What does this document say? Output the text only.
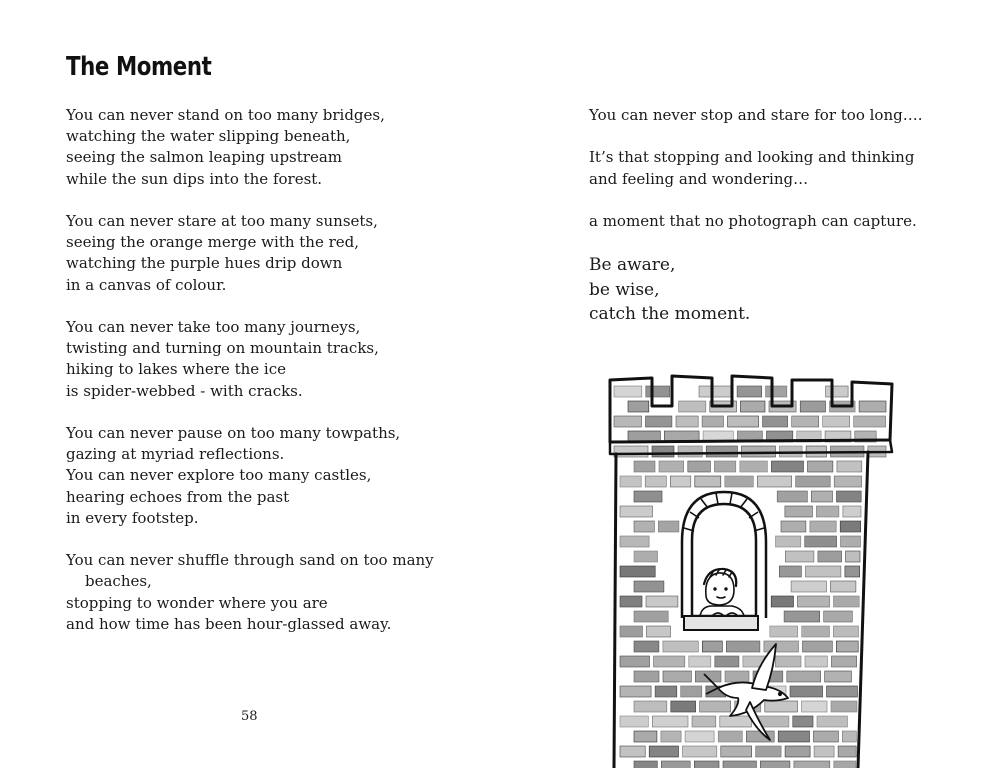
The Moment
You can never stand on too many bridges,
watching the water slipping beneath,
seeing the salmon leaping upstream
while the sun dips into the forest.
You can never stare at too many sunsets,
seeing the orange merge with the red,
watching the purple hues drip down
in a canvas of colour.
You can never take too many journeys,
twisting and turning on mountain tracks,
hiking to lakes where the ice
is spider-webbed - with cracks.
You can never pause on too many towpaths,
gazing at myriad reflections.
You can never explore too many castles,
hearing echoes from the past
in every footstep.
You can never shuffle through sand on too many
beaches,
stopping to wonder where you are
and how time has been hour-glassed away.
You can never stop and stare for too long….
It’s that stopping and looking and thinking
and feeling and wondering…
a moment that no photograph can capture.
Be aware,
be wise,
catch the moment.
58
